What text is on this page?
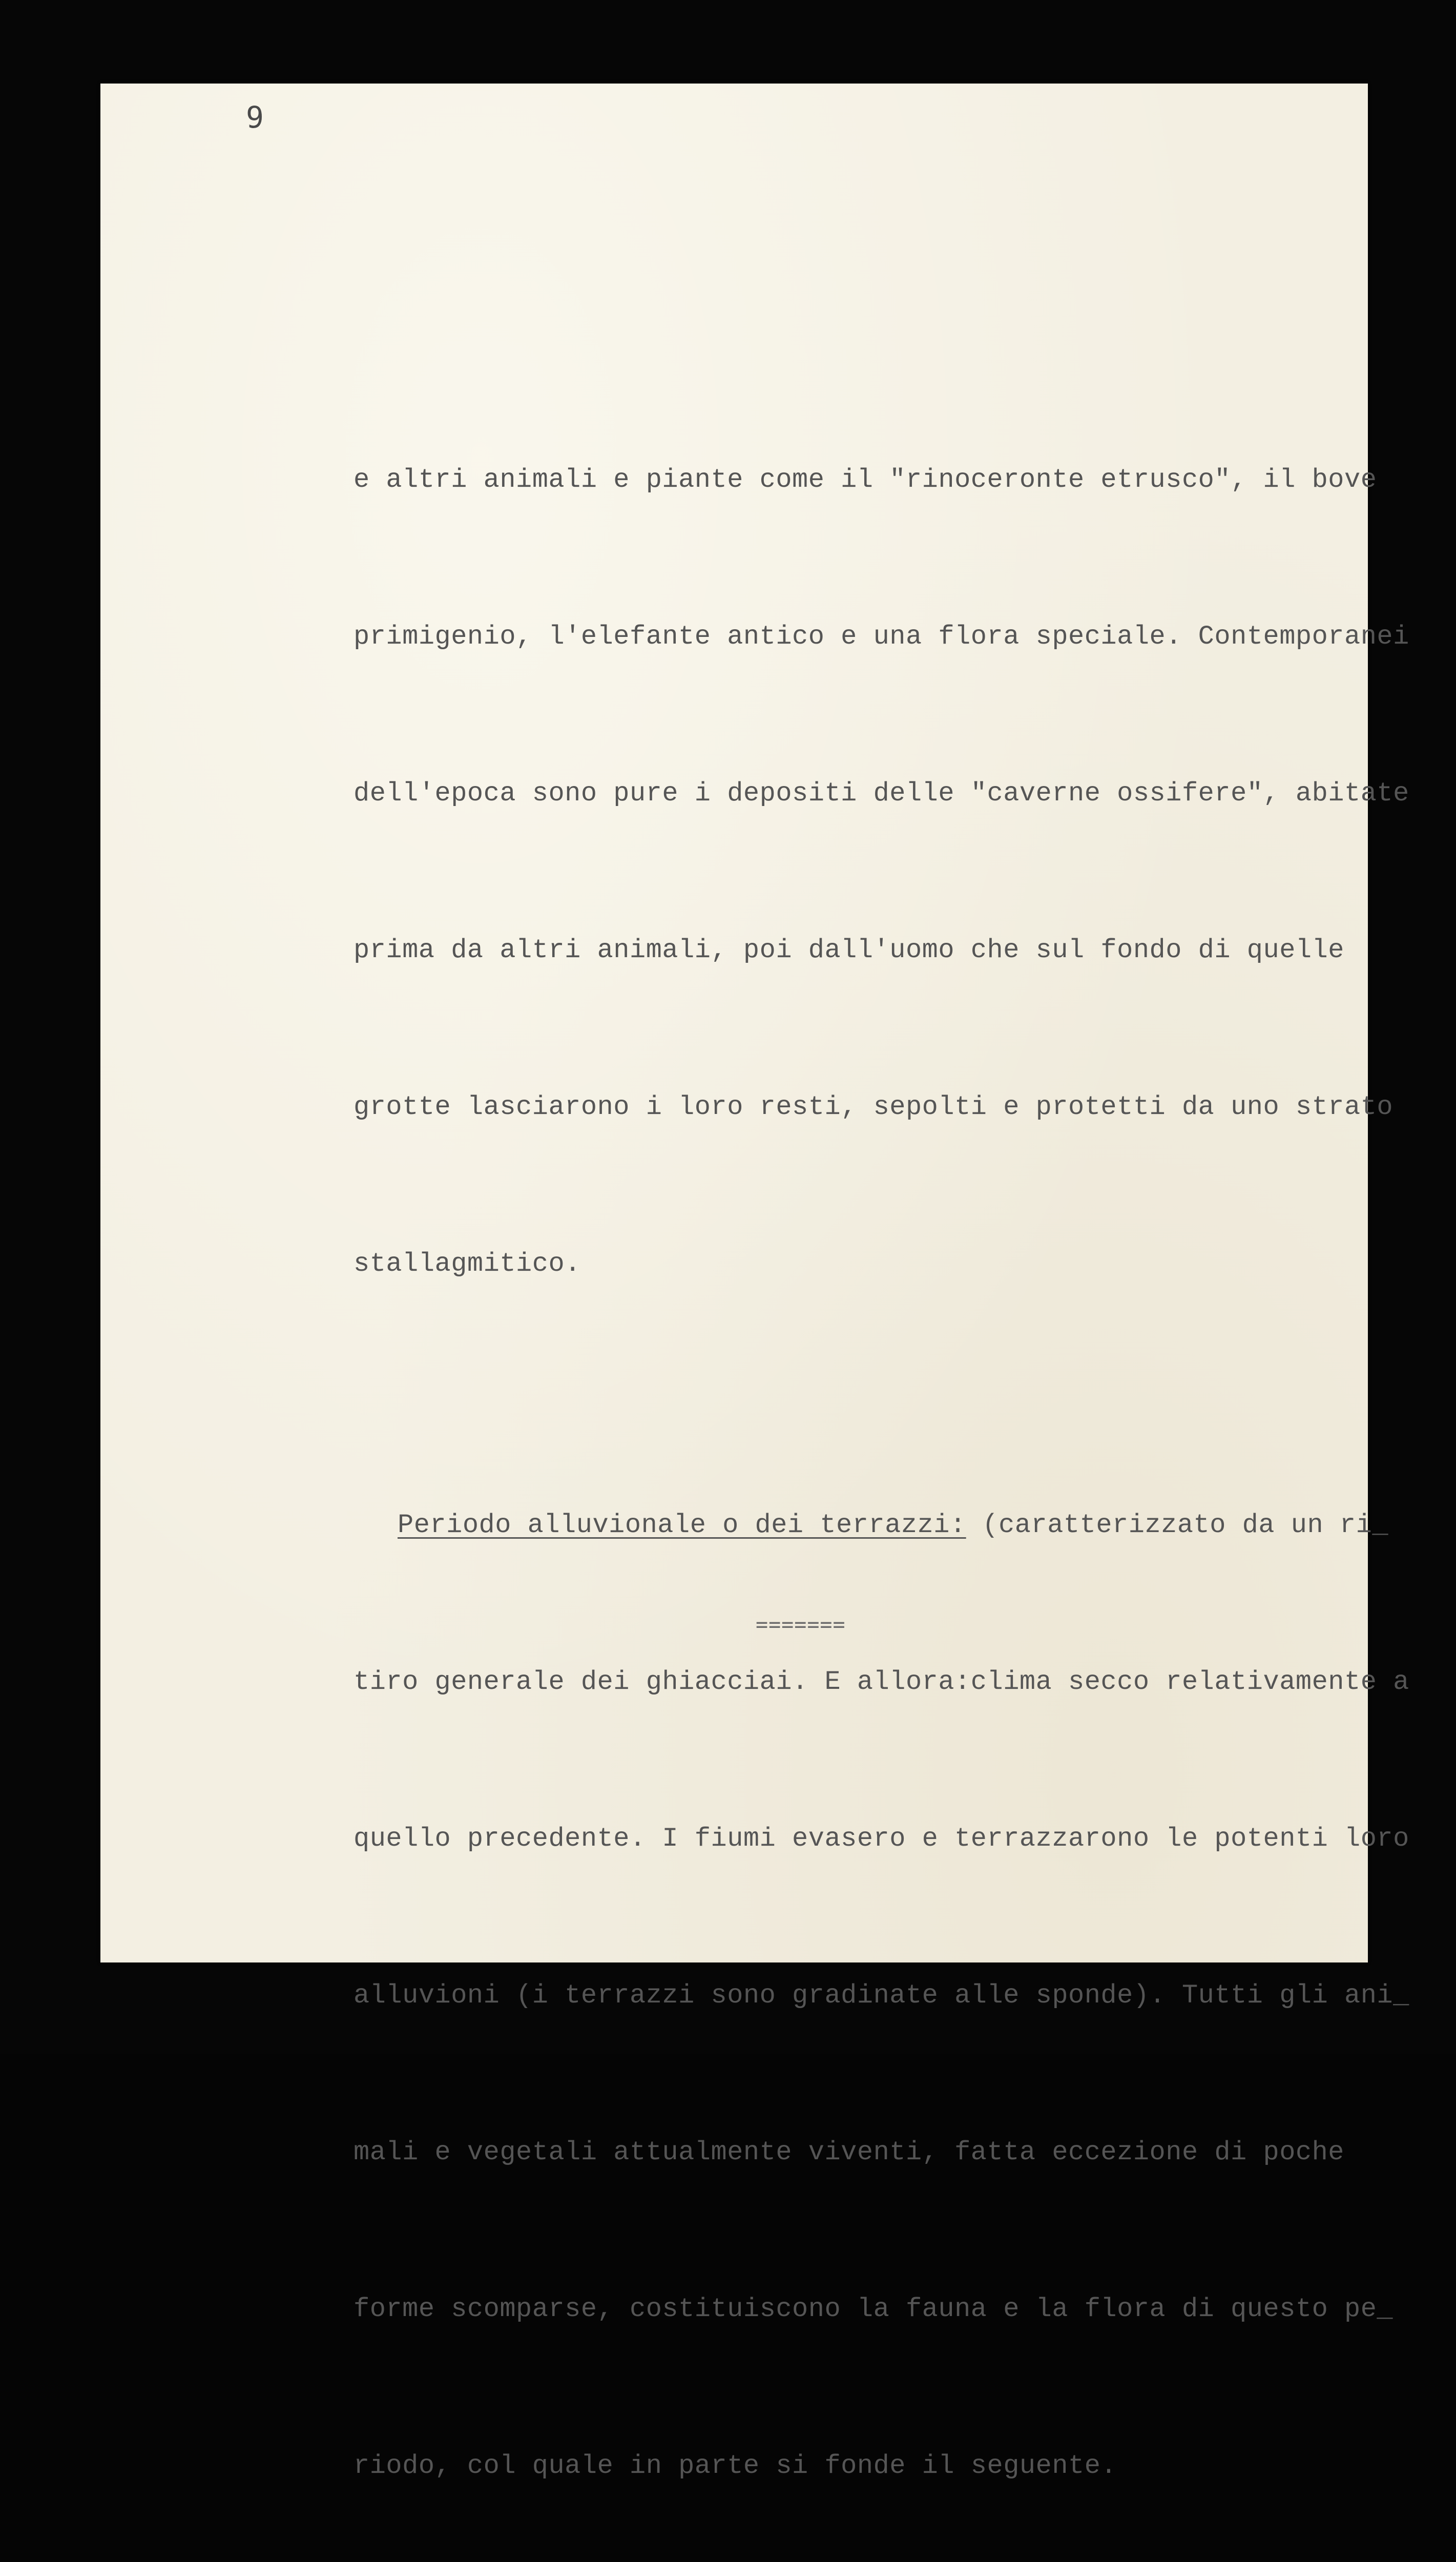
9

e altri animali e piante come il "rinoceronte etrusco", il bove

primigenio, l'elefante antico e una flora speciale. Contemporanei

dell'epoca sono pure i depositi delle "caverne ossifere", abitate

prima da altri animali, poi dall'uomo che sul fondo di quelle

grotte lasciarono i loro resti, sepolti e protetti da uno strato

stallagmitico.

Periodo alluvionale o dei terrazzi: (caratterizzato da un ri_

tiro generale dei ghiacciai. E allora:clima secco relativamente a

quello precedente. I fiumi evasero e terrazzarono le potenti loro

alluvioni (i terrazzi sono gradinate alle sponde). Tutti gli ani_

mali e vegetali attualmente viventi, fatta eccezione di poche

forme scomparse, costituiscono la fauna e la flora di questo pe_

riodo, col quale in parte si fonde il seguente.

=======
